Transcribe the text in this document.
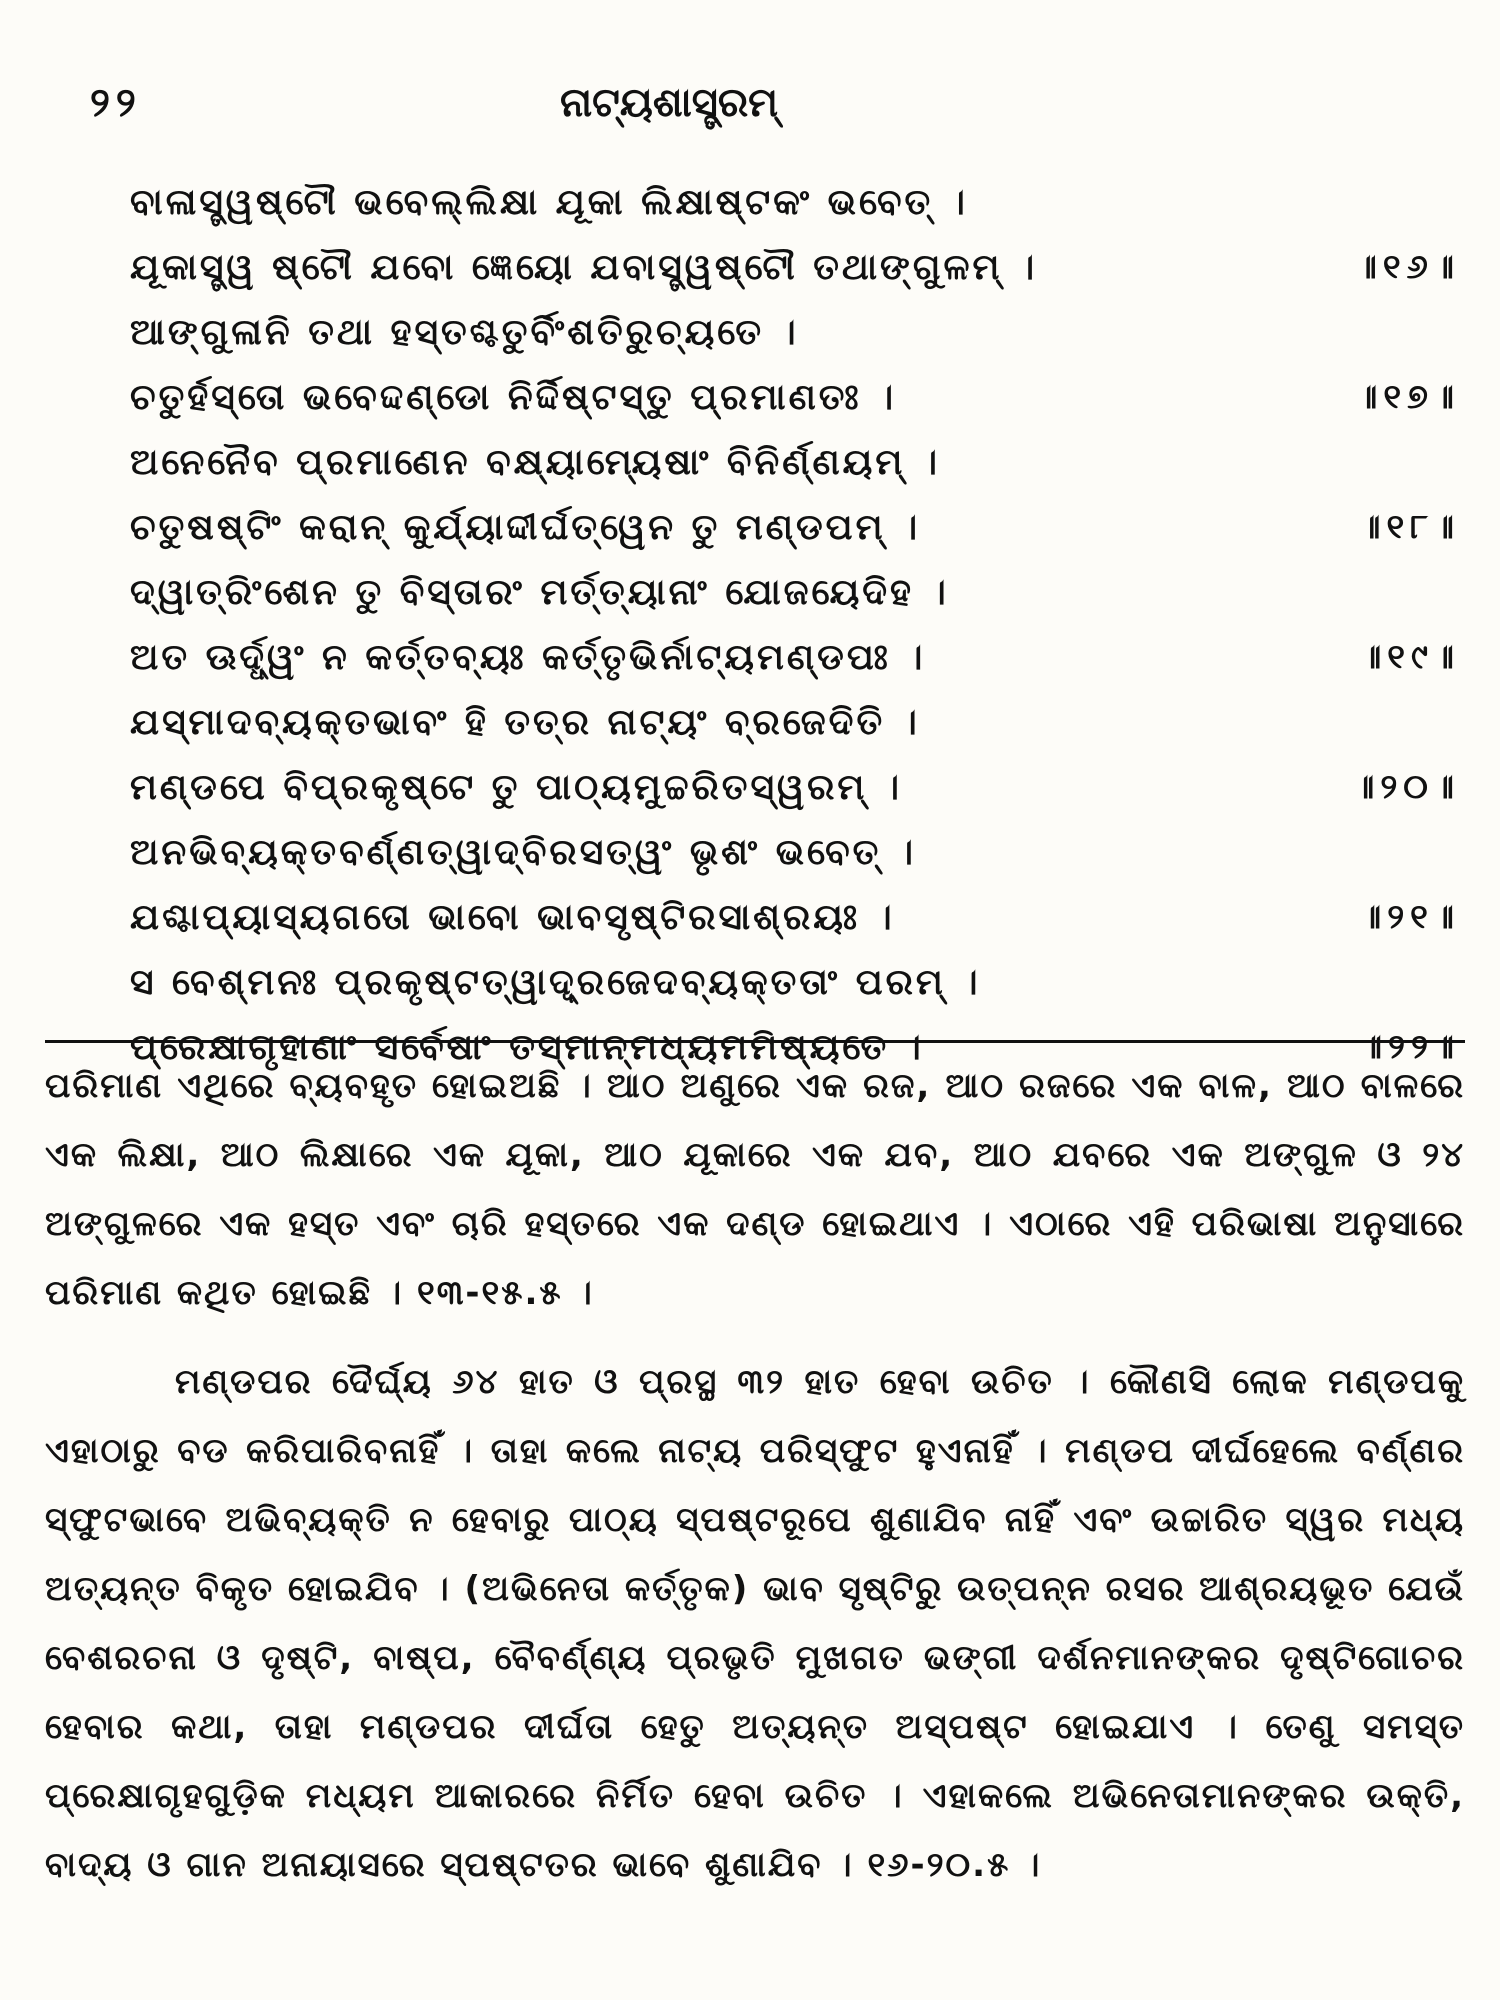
୨୨	ନାଟ୍ୟଶାସ୍ତ୍ରମ୍
ବାଳାସ୍ତ୍ୱଷ୍ଟୌ ଭବେଲ୍ଲିକ୍ଷା ଯୂକା ଲିକ୍ଷାଷ୍ଟକଂ ଭବେତ୍ ।
ଯୂକାସ୍ତ୍ୱ ଷ୍ଟୌ ଯବୋ ଜ୍ଞେୟୋ ଯବାସ୍ତ୍ୱଷ୍ଟୌ ତଥାଙ୍ଗୁଳମ୍ ।	॥୧୬॥
ଆଙ୍ଗୁଳାନି ତଥା ହସ୍ତଶ୍ଚତୁର୍ବିଂଶତିରୁଚ୍ୟତେ ।
ଚତୁର୍ହସ୍ତୋ ଭବେଦ୍ଦଣ୍ଡୋ ନିର୍ଦ୍ଦିଷ୍ଟସ୍ତୁ ପ୍ରମାଣତଃ ।	॥୧୭॥
ଅନେନୈବ ପ୍ରମାଣେନ ବକ୍ଷ୍ୟାମ୍ୟେଷାଂ ବିନିର୍ଣ୍ଣୟମ୍ ।
ଚତୁଷଷ୍ଟିଂ କରାନ୍ କୁର୍ଯ୍ୟାଦ୍ଦୀର୍ଘତ୍ୱେନ ତୁ ମଣ୍ଡପମ୍ ।	॥୧୮॥
ଦ୍ୱାତ୍ରିଂଶେନ ତୁ ବିସ୍ତାରଂ ମର୍ତ୍ତ୍ୟାନାଂ ଯୋଜୟେଦିହ ।
ଅତ ଊର୍ଦ୍ଧ୍ୱଂ ନ କର୍ତ୍ତବ୍ୟଃ କର୍ତ୍ତୃଭିର୍ନାଟ୍ୟମଣ୍ଡପଃ ।	॥୧୯॥
ଯସ୍ମାଦବ୍ୟକ୍ତଭାବଂ ହି ତତ୍ର ନାଟ୍ୟଂ ବ୍ରଜେଦିତି ।
ମଣ୍ଡପେ ବିପ୍ରକୃଷ୍ଟେ ତୁ ପାଠ୍ୟମୁଚ୍ଚରିତସ୍ୱରମ୍ ।	॥୨୦॥
ଅନଭିବ୍ୟକ୍ତବର୍ଣ୍ଣତ୍ୱାଦ୍ବିରସତ୍ୱଂ ଭୃଶଂ ଭବେତ୍ ।
ଯଶ୍ଚାପ୍ୟାସ୍ୟଗତୋ ଭାବୋ ଭାବସୃଷ୍ଟିରସାଶ୍ରୟଃ ।	॥୨୧॥
ସ ବେଶ୍ମନଃ ପ୍ରକୃଷ୍ଟତ୍ୱାଦ୍ବ୍ରଜେଦବ୍ୟକ୍ତତାଂ ପରମ୍ ।
ପ୍ରେକ୍ଷାଗୃହାଣାଂ ସର୍ବେଷାଂ ତସ୍ମାନ୍ମଧ୍ୟମମିଷ୍ୟତେ ।	॥୨୨॥

ପରିମାଣ ଏଥିରେ ବ୍ୟବହୃତ ହୋଇଅଛି । ଆଠ ଅଣୁରେ ଏକ ରଜ, ଆଠ ରଜରେ ଏକ ବାଳ, ଆଠ ବାଳରେ ଏକ ଲିକ୍ଷା, ଆଠ ଲିକ୍ଷାରେ ଏକ ଯୂକା, ଆଠ ଯୂକାରେ ଏକ ଯବ, ଆଠ ଯବରେ ଏକ ଅଙ୍ଗୁଳ ଓ ୨୪ ଅଙ୍ଗୁଳରେ ଏକ ହସ୍ତ ଏବଂ ଚାରି ହସ୍ତରେ ଏକ ଦଣ୍ଡ ହୋଇଥାଏ । ଏଠାରେ ଏହି ପରିଭାଷା ଅନୁସାରେ ପରିମାଣ କଥିତ ହୋଇଛି । ୧୩-୧୫.୫ ।

ମଣ୍ଡପର ଦୈର୍ଘ୍ୟ ୬୪ ହାତ ଓ ପ୍ରସ୍ଥ ୩୨ ହାତ ହେବା ଉଚିତ । କୌଣସି ଲୋକ ମଣ୍ଡପକୁ ଏହାଠାରୁ ବଡ କରିପାରିବନାହିଁ । ତାହା କଲେ ନାଟ୍ୟ ପରିସ୍ଫୁଟ ହୁଏନାହିଁ । ମଣ୍ଡପ ଦୀର୍ଘହେଲେ ବର୍ଣ୍ଣର ସ୍ଫୁଟଭାବେ ଅଭିବ୍ୟକ୍ତି ନ ହେବାରୁ ପାଠ୍ୟ ସ୍ପଷ୍ଟରୂପେ ଶୁଣାଯିବ ନାହିଁ ଏବଂ ଉଚ୍ଚାରିତ ସ୍ୱର ମଧ୍ୟ ଅତ୍ୟନ୍ତ ବିକୃତ ହୋଇଯିବ । (ଅଭିନେତା କର୍ତ୍ତୃକ) ଭାବ ସୃଷ୍ଟିରୁ ଉତ୍ପନ୍ନ ରସର ଆଶ୍ରୟଭୂତ ଯେଉଁ ବେଶରଚନା ଓ ଦୃଷ୍ଟି, ବାଷ୍ପ, ବୈବର୍ଣ୍ଣ୍ୟ ପ୍ରଭୃତି ମୁଖଗତ ଭଙ୍ଗୀ ଦର୍ଶନମାନଙ୍କର ଦୃଷ୍ଟିଗୋଚର ହେବାର କଥା, ତାହା ମଣ୍ଡପର ଦୀର୍ଘତା ହେତୁ ଅତ୍ୟନ୍ତ ଅସ୍ପଷ୍ଟ ହୋଇଯାଏ । ତେଣୁ ସମସ୍ତ ପ୍ରେକ୍ଷାଗୃହଗୁଡ଼ିକ ମଧ୍ୟମ ଆକାରରେ ନିର୍ମିତ ହେବା ଉଚିତ । ଏହାକଲେ ଅଭିନେତାମାନଙ୍କର ଉକ୍ତି, ବାଦ୍ୟ ଓ ଗାନ ଅନାୟାସରେ ସ୍ପଷ୍ଟତର ଭାବେ ଶୁଣାଯିବ । ୧୬-୨୦.୫ ।
